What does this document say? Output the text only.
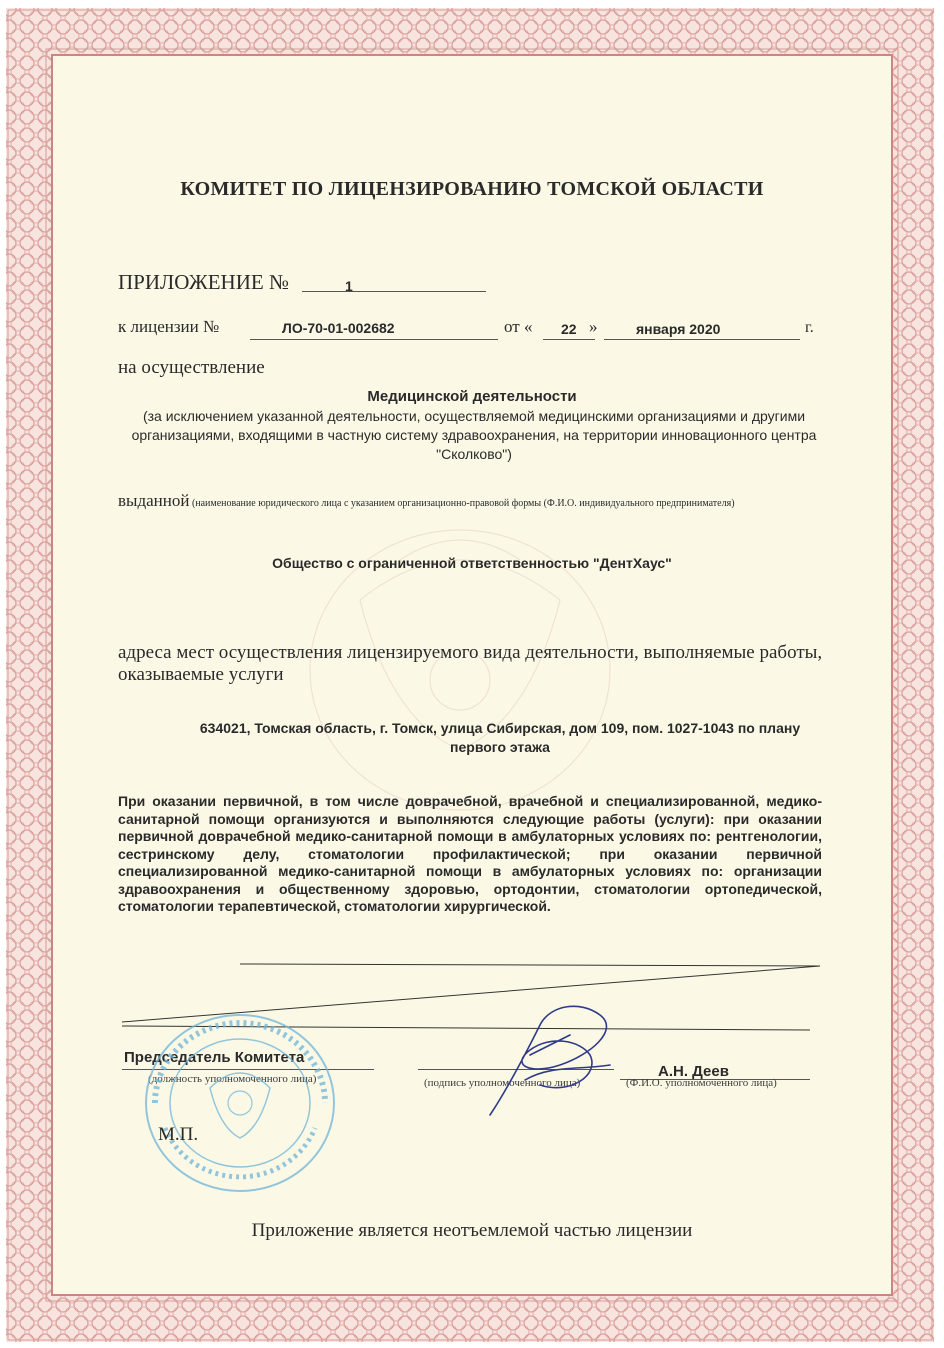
КОМИТЕТ ПО ЛИЦЕНЗИРОВАНИЮ ТОМСКОЙ ОБЛАСТИ
ПРИЛОЖЕНИЕ №	1
к лицензии №	ЛО-70-01-002682	от « 22 »	января 2020	г.
на осуществление
Медицинской деятельности
(за исключением указанной деятельности, осуществляемой медицинскими организациями и другими организациями, входящими в частную систему здравоохранения, на территории инновационного центра "Сколково")
выданной (наименование юридического лица с указанием организационно-правовой формы (Ф.И.О. индивидуального предпринимателя)
Общество с ограниченной ответственностью "ДентХаус"
адреса мест осуществления лицензируемого вида деятельности, выполняемые работы, оказываемые услуги
634021, Томская область, г. Томск, улица Сибирская, дом 109, пом. 1027-1043 по плану первого этажа
При оказании первичной, в том числе доврачебной, врачебной и специализированной, медико-санитарной помощи организуются и выполняются следующие работы (услуги): при оказании первичной доврачебной медико-санитарной помощи в амбулаторных условиях по: рентгенологии, сестринскому делу, стоматологии профилактической; при оказании первичной специализированной медико-санитарной помощи в амбулаторных условиях по: организации здравоохранения и общественному здоровью, ортодонтии, стоматологии ортопедической, стоматологии терапевтической, стоматологии хирургической.
Председатель Комитета
(должность уполномоченного лица)	(подпись уполномоченного лица)
А.Н. Деев
(Ф.И.О. уполномоченного лица)
М.П.
Приложение является неотъемлемой частью лицензии
